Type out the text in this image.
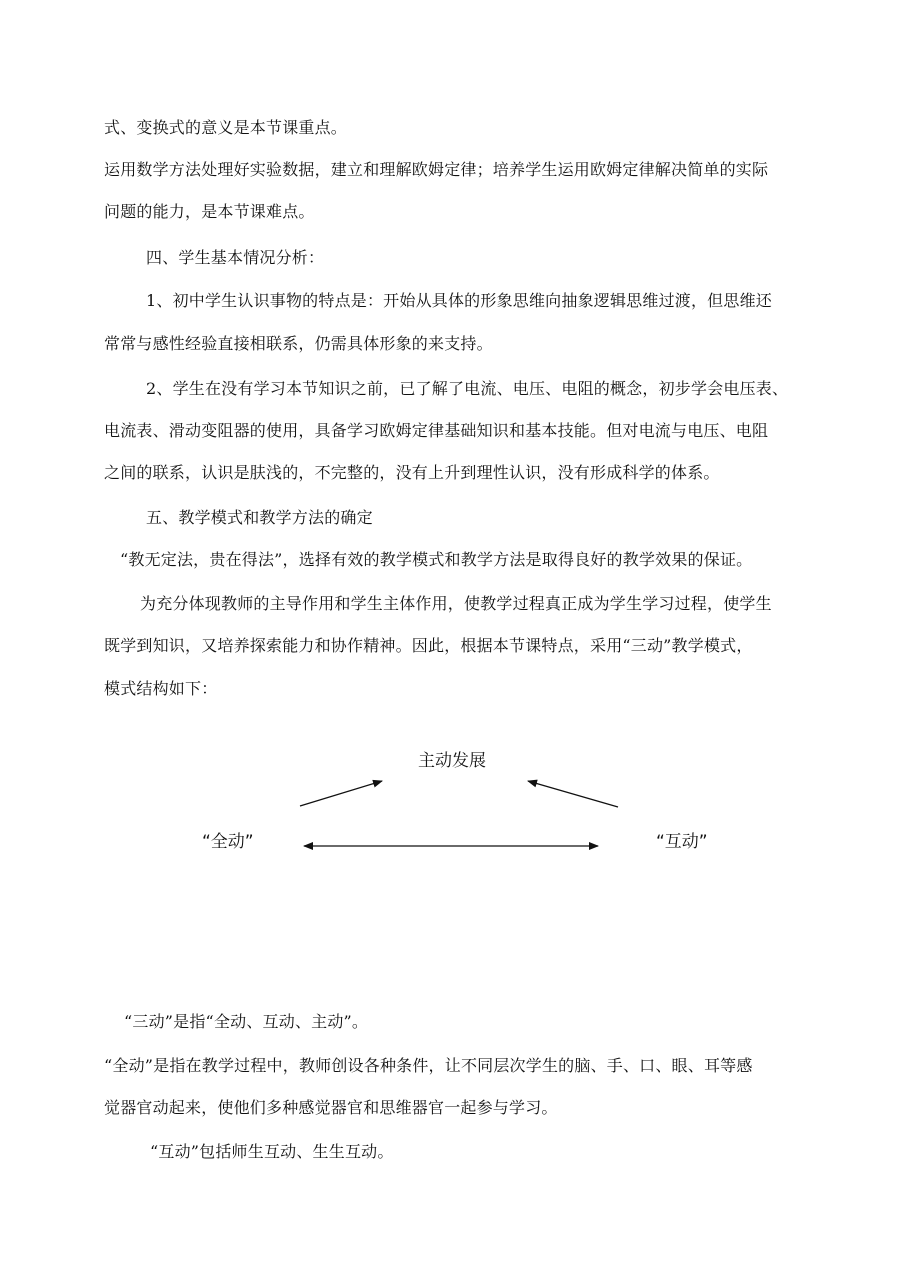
式、变换式的意义是本节课重点。
运用数学方法处理好实验数据，建立和理解欧姆定律；培养学生运用欧姆定律解决简单的实际
问题的能力，是本节课难点。
四、学生基本情况分析：
1、初中学生认识事物的特点是：开始从具体的形象思维向抽象逻辑思维过渡，但思维还
常常与感性经验直接相联系，仍需具体形象的来支持。
2、学生在没有学习本节知识之前，已了解了电流、电压、电阻的概念，初步学会电压表、
电流表、滑动变阻器的使用，具备学习欧姆定律基础知识和基本技能。但对电流与电压、电阻
之间的联系，认识是肤浅的，不完整的，没有上升到理性认识，没有形成科学的体系。
五、教学模式和教学方法的确定
“教无定法，贵在得法”，选择有效的教学模式和教学方法是取得良好的教学效果的保证。
为充分体现教师的主导作用和学生主体作用，使教学过程真正成为学生学习过程，使学生
既学到知识，又培养探索能力和协作精神。因此，根据本节课特点，采用“三动”教学模式，
模式结构如下：
主动发展
“全动”	“互动”
“三动”是指“全动、互动、主动”。
“全动”是指在教学过程中，教师创设各种条件，让不同层次学生的脑、手、口、眼、耳等感
觉器官动起来，使他们多种感觉器官和思维器官一起参与学习。
“互动”包括师生互动、生生互动。
